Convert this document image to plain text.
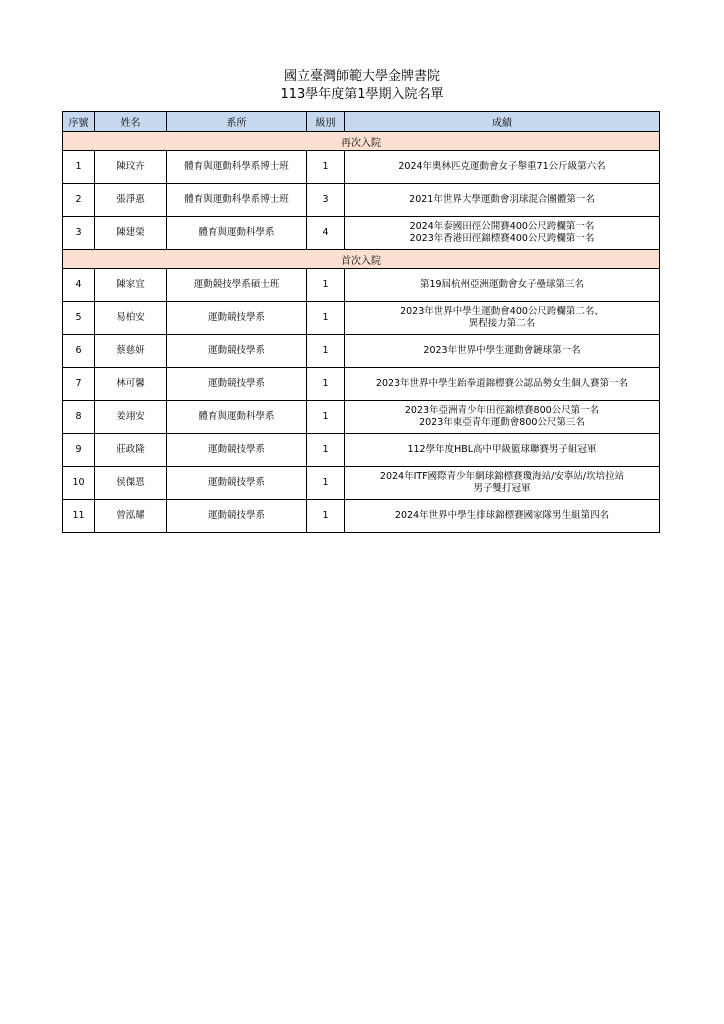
國立臺灣師範大學金牌書院
113學年度第1學期入院名單
序號	姓名	系所	級別	成績
再次入院				
1	陳玟卉	體育與運動科學系博士班	1	2024年奧林匹克運動會女子舉重71公斤級第六名

2	張淨惠	體育與運動科學系博士班	3	2021年世界大學運動會羽球混合團體第一名

3	陳建榮	體育與運動科學系	4	2024年泰國田徑公開賽400公尺跨欄第一名
2023年香港田徑錦標賽400公尺跨欄第一名

首次入院				
4	陳家宜	運動競技學系碩士班	1	第19屆杭州亞洲運動會女子壘球第三名

5	易柏安	運動競技學系	1	2023年世界中學生運動會400公尺跨欄第二名、
異程接力第二名

6	蔡慈妍	運動競技學系	1	2023年世界中學生運動會鏈球第一名

7	林可馨	運動競技學系	1	2023年世界中學生跆拳道錦標賽公認品勢女生個人賽第一名

8	姜翊安	體育與運動科學系	1	2023年亞洲青少年田徑錦標賽800公尺第一名
2023年東亞青年運動會800公尺第三名

9	莊政隆	運動競技學系	1	112學年度HBL高中甲級籃球聯賽男子組冠軍

10	侯傑恩	運動競技學系	1	2024年ITF國際青少年網球錦標賽瓊海站/安寧站/坎培拉站
男子雙打冠軍

11	曾泓耀	運動競技學系	1	2024年世界中學生排球錦標賽國家隊男生組第四名
